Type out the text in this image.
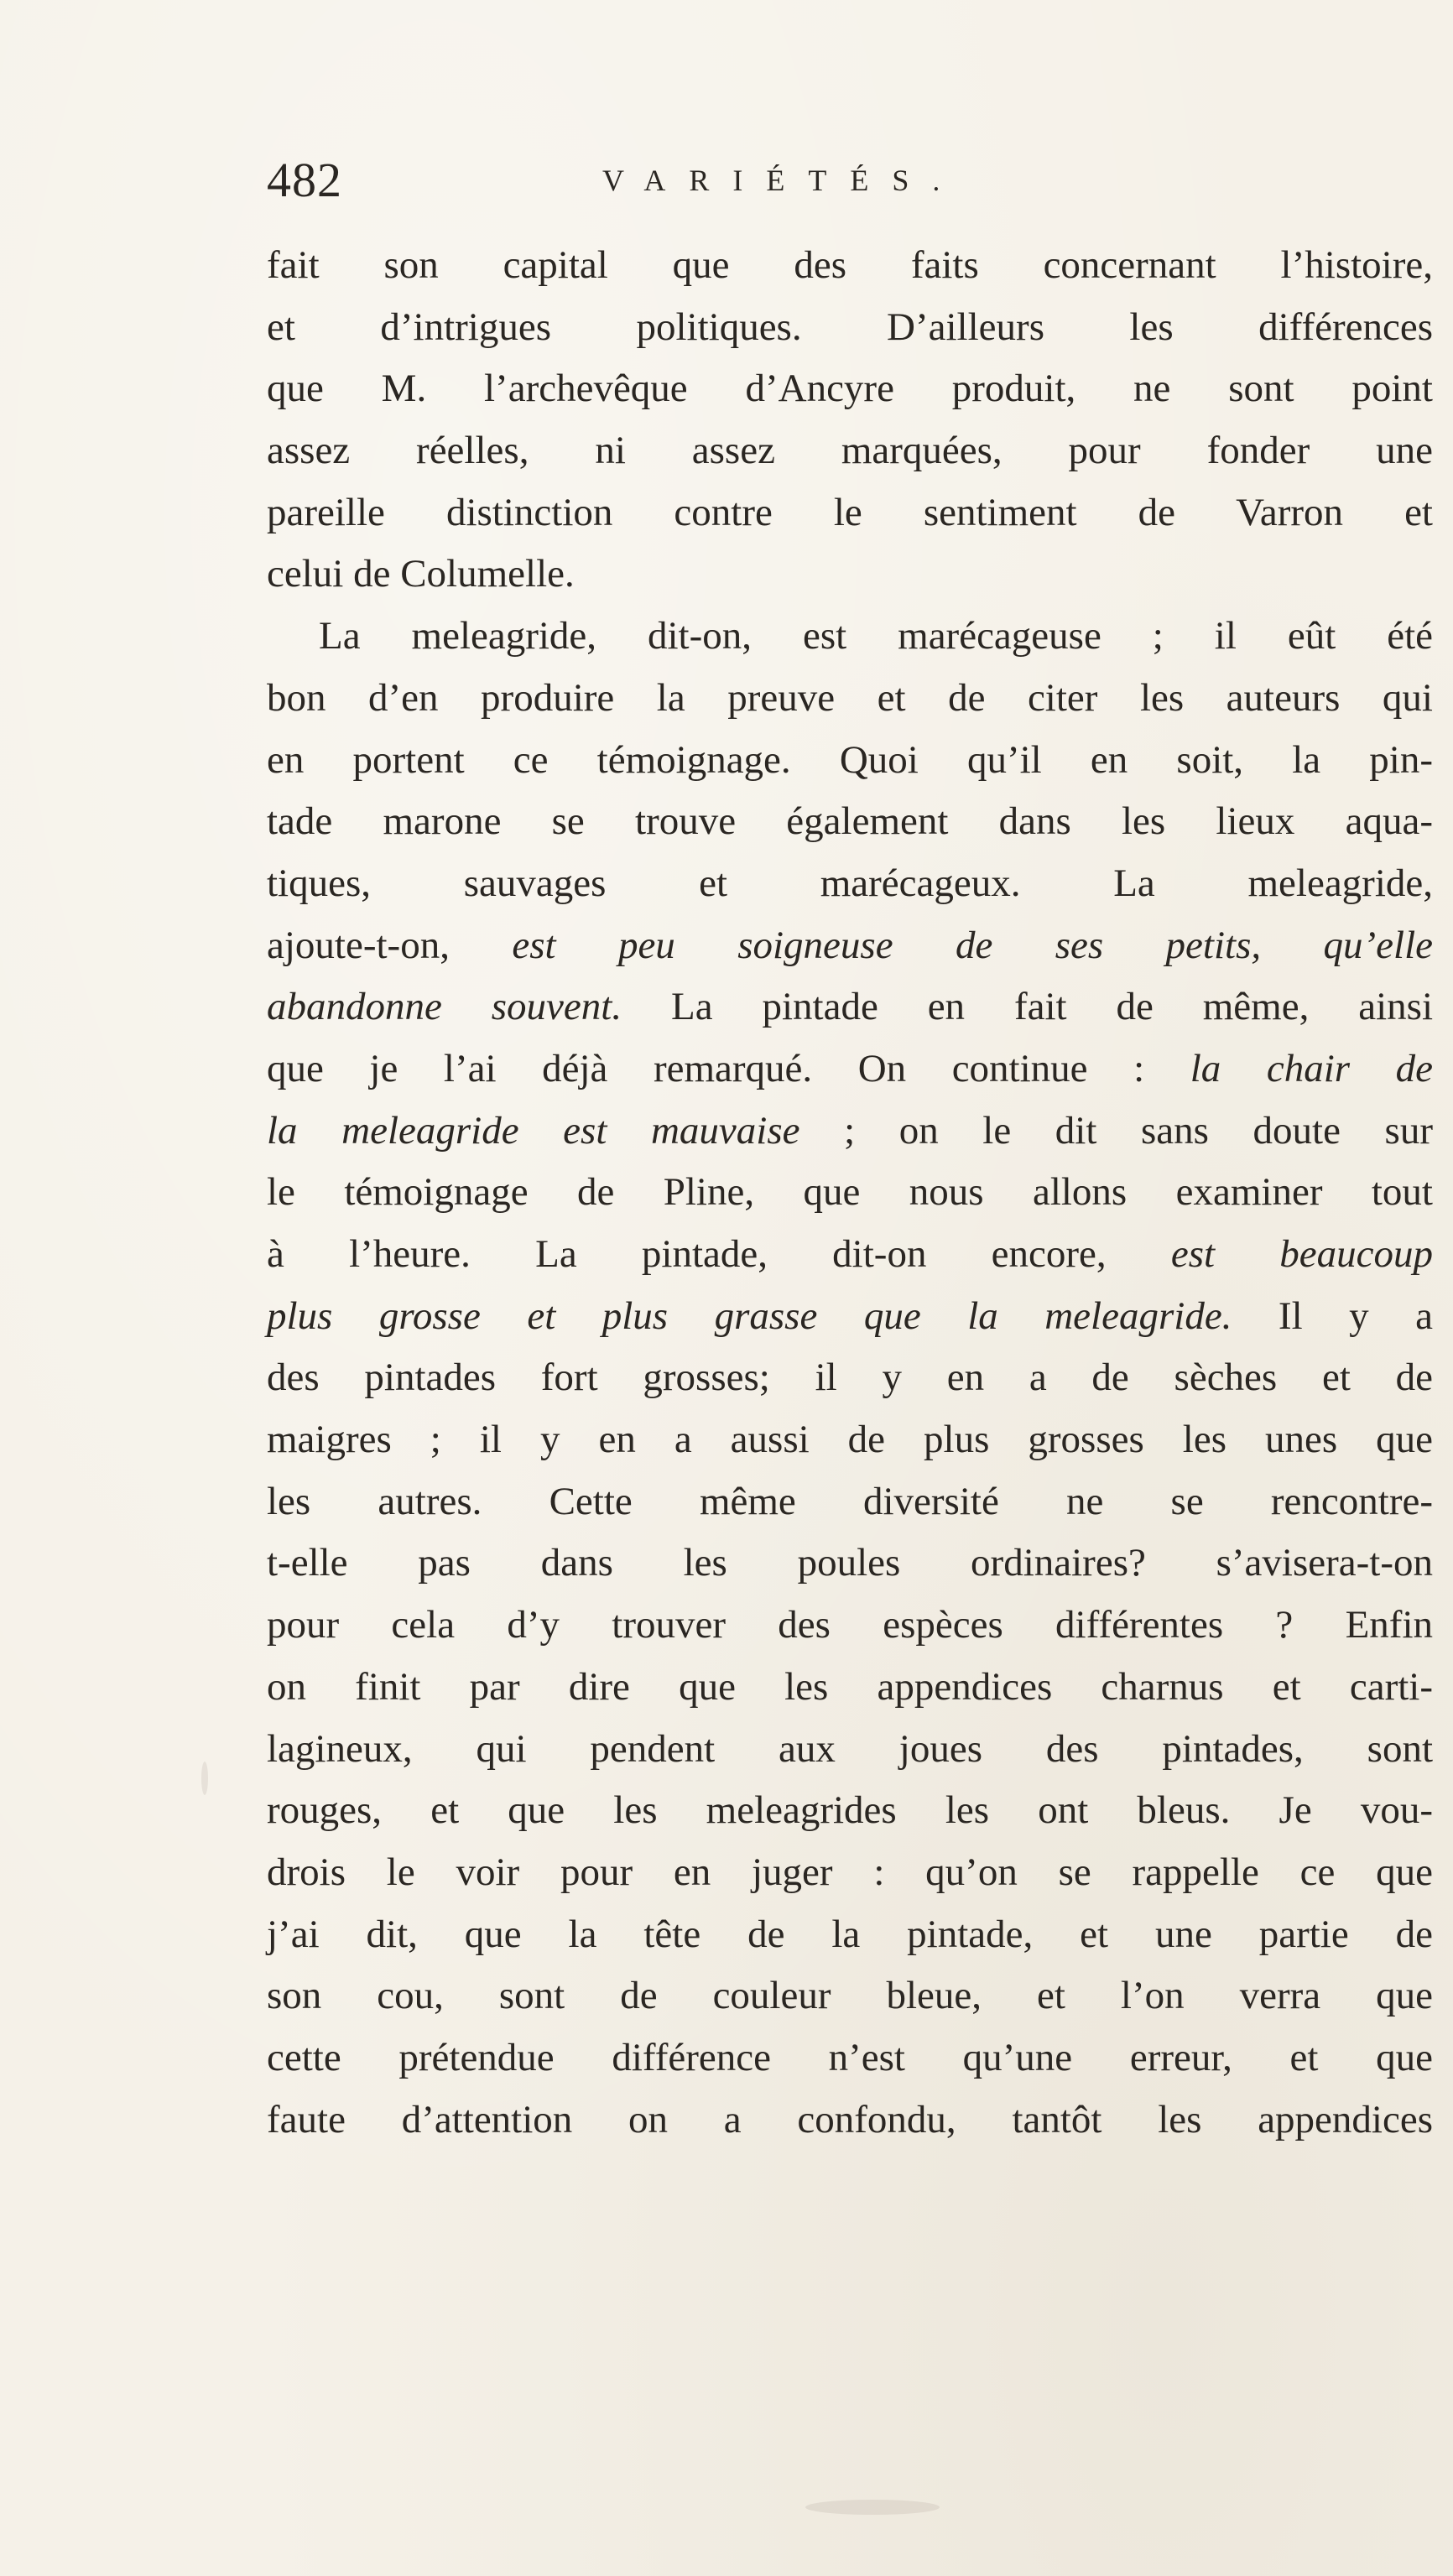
482	VARIÉTÉS.
fait son capital que des faits concernant l’histoire,
et d’intrigues politiques. D’ailleurs les différences
que M. l’archevêque d’Ancyre produit, ne sont point
assez réelles, ni assez marquées, pour fonder une
pareille distinction contre le sentiment de Varron et
celui de Columelle.
La meleagride, dit-on, est marécageuse ; il eût été
bon d’en produire la preuve et de citer les auteurs qui
en portent ce témoignage. Quoi qu’il en soit, la pin-
tade marone se trouve également dans les lieux aqua-
tiques, sauvages et marécageux. La meleagride,
ajoute-t-on, est peu soigneuse de ses petits, qu’elle
abandonne souvent. La pintade en fait de même, ainsi
que je l’ai déjà remarqué. On continue : la chair de
la meleagride est mauvaise ; on le dit sans doute sur
le témoignage de Pline, que nous allons examiner tout
à l’heure. La pintade, dit-on encore, est beaucoup
plus grosse et plus grasse que la meleagride. Il y a
des pintades fort grosses; il y en a de sèches et de
maigres ; il y en a aussi de plus grosses les unes que
les autres. Cette même diversité ne se rencontre-
t-elle pas dans les poules ordinaires? s’avisera-t-on
pour cela d’y trouver des espèces différentes ? Enfin
on finit par dire que les appendices charnus et carti-
lagineux, qui pendent aux joues des pintades, sont
rouges, et que les meleagrides les ont bleus. Je vou-
drois le voir pour en juger : qu’on se rappelle ce que
j’ai dit, que la tête de la pintade, et une partie de
son cou, sont de couleur bleue, et l’on verra que
cette prétendue différence n’est qu’une erreur, et que
faute d’attention on a confondu, tantôt les appendices
